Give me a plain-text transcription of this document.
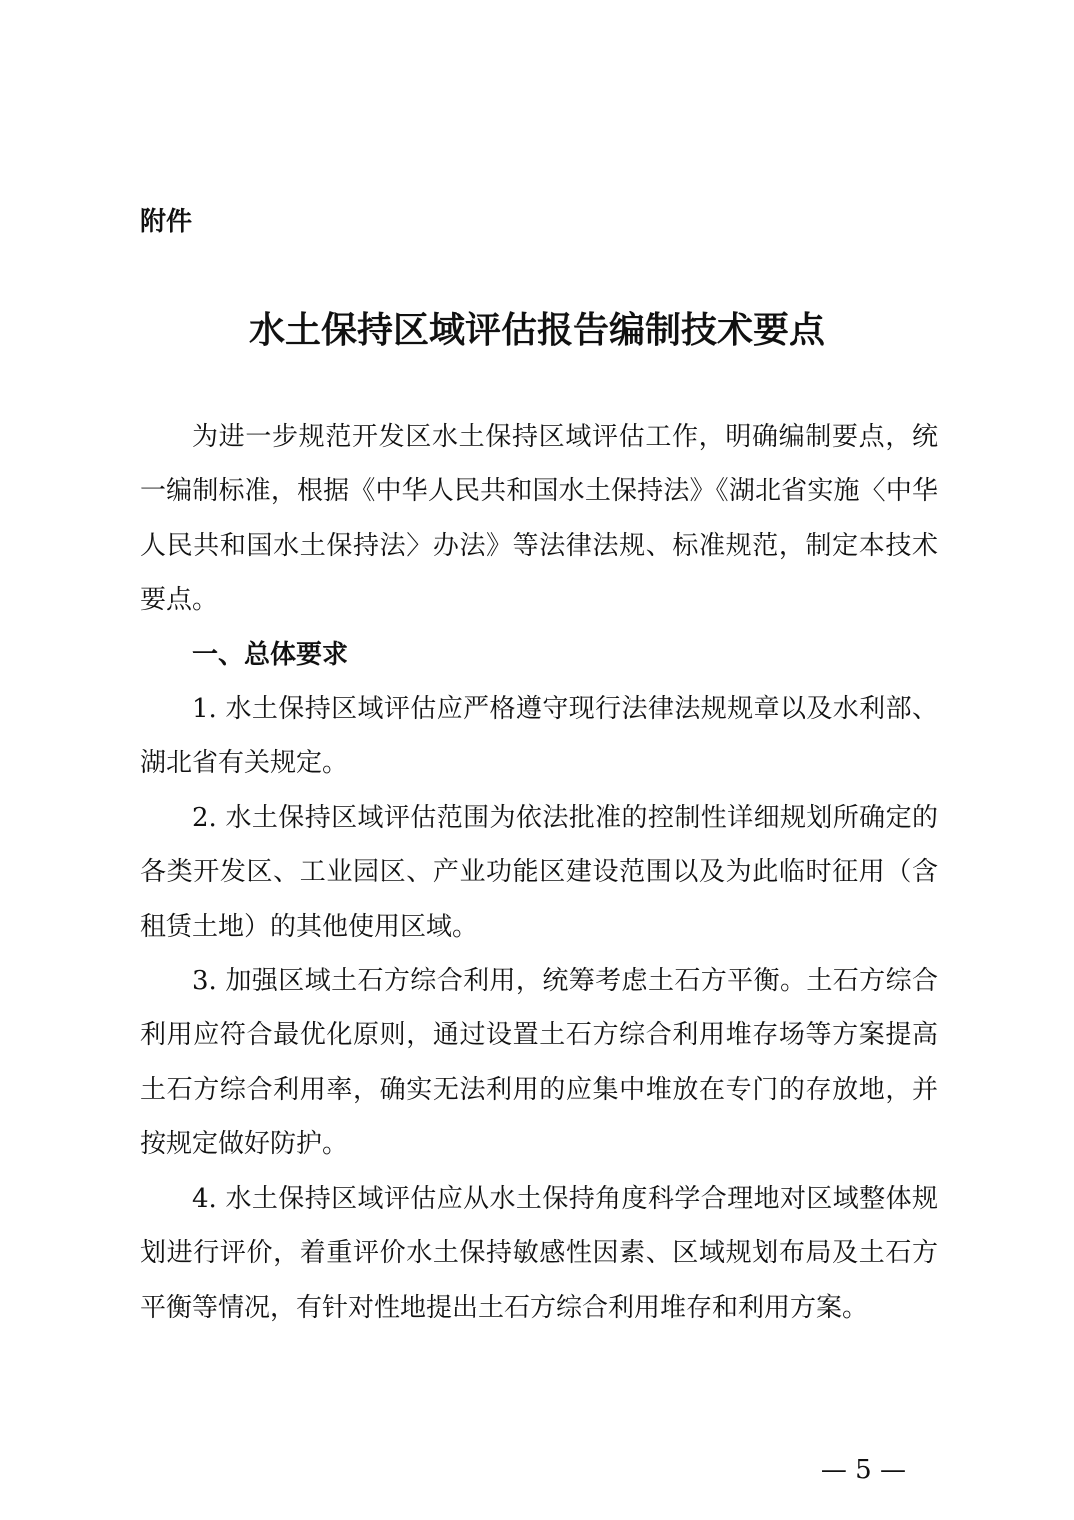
附件

水土保持区域评估报告编制技术要点

为进一步规范开发区水土保持区域评估工作，明确编制要点，统一编制标准，根据《中华人民共和国水土保持法》《湖北省实施〈中华人民共和国水土保持法〉办法》等法律法规、标准规范，制定本技术要点。

一、总体要求

1. 水土保持区域评估应严格遵守现行法律法规规章以及水利部、湖北省有关规定。

2. 水土保持区域评估范围为依法批准的控制性详细规划所确定的各类开发区、工业园区、产业功能区建设范围以及为此临时征用（含租赁土地）的其他使用区域。

3. 加强区域土石方综合利用，统筹考虑土石方平衡。土石方综合利用应符合最优化原则，通过设置土石方综合利用堆存场等方案提高土石方综合利用率，确实无法利用的应集中堆放在专门的存放地，并按规定做好防护。

4. 水土保持区域评估应从水土保持角度科学合理地对区域整体规划进行评价，着重评价水土保持敏感性因素、区域规划布局及土石方平衡等情况，有针对性地提出土石方综合利用堆存和利用方案。

— 5 —
